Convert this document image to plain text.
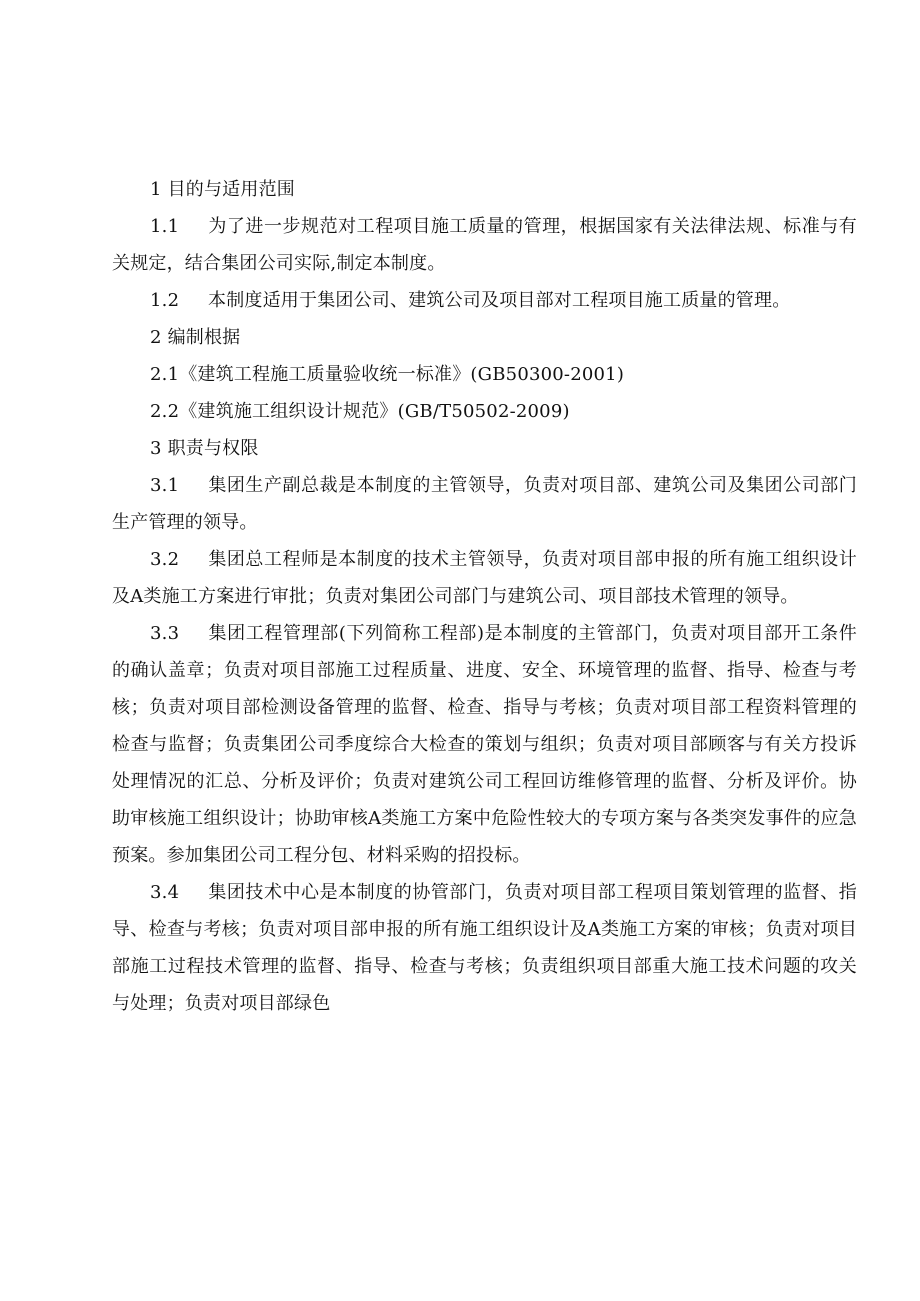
1 目的与适用范围
1.1 为了进一步规范对工程项目施工质量的管理，根据国家有关法律法规、标准与有关规定，结合集团公司实际,制定本制度。
1.2 本制度适用于集团公司、建筑公司及项目部对工程项目施工质量的管理。
2 编制根据
2.1《建筑工程施工质量验收统一标准》(GB50300-2001)
2.2《建筑施工组织设计规范》(GB/T50502-2009)
3 职责与权限
3.1 集团生产副总裁是本制度的主管领导，负责对项目部、建筑公司及集团公司部门生产管理的领导。
3.2 集团总工程师是本制度的技术主管领导，负责对项目部申报的所有施工组织设计及A类施工方案进行审批；负责对集团公司部门与建筑公司、项目部技术管理的领导。
3.3 集团工程管理部(下列简称工程部)是本制度的主管部门，负责对项目部开工条件的确认盖章；负责对项目部施工过程质量、进度、安全、环境管理的监督、指导、检查与考核；负责对项目部检测设备管理的监督、检查、指导与考核；负责对项目部工程资料管理的检查与监督；负责集团公司季度综合大检查的策划与组织；负责对项目部顾客与有关方投诉处理情况的汇总、分析及评价；负责对建筑公司工程回访维修管理的监督、分析及评价。协助审核施工组织设计；协助审核A类施工方案中危险性较大的专项方案与各类突发事件的应急预案。参加集团公司工程分包、材料采购的招投标。
3.4 集团技术中心是本制度的协管部门，负责对项目部工程项目策划管理的监督、指导、检查与考核；负责对项目部申报的所有施工组织设计及A类施工方案的审核；负责对项目部施工过程技术管理的监督、指导、检查与考核；负责组织项目部重大施工技术问题的攻关与处理；负责对项目部绿色
